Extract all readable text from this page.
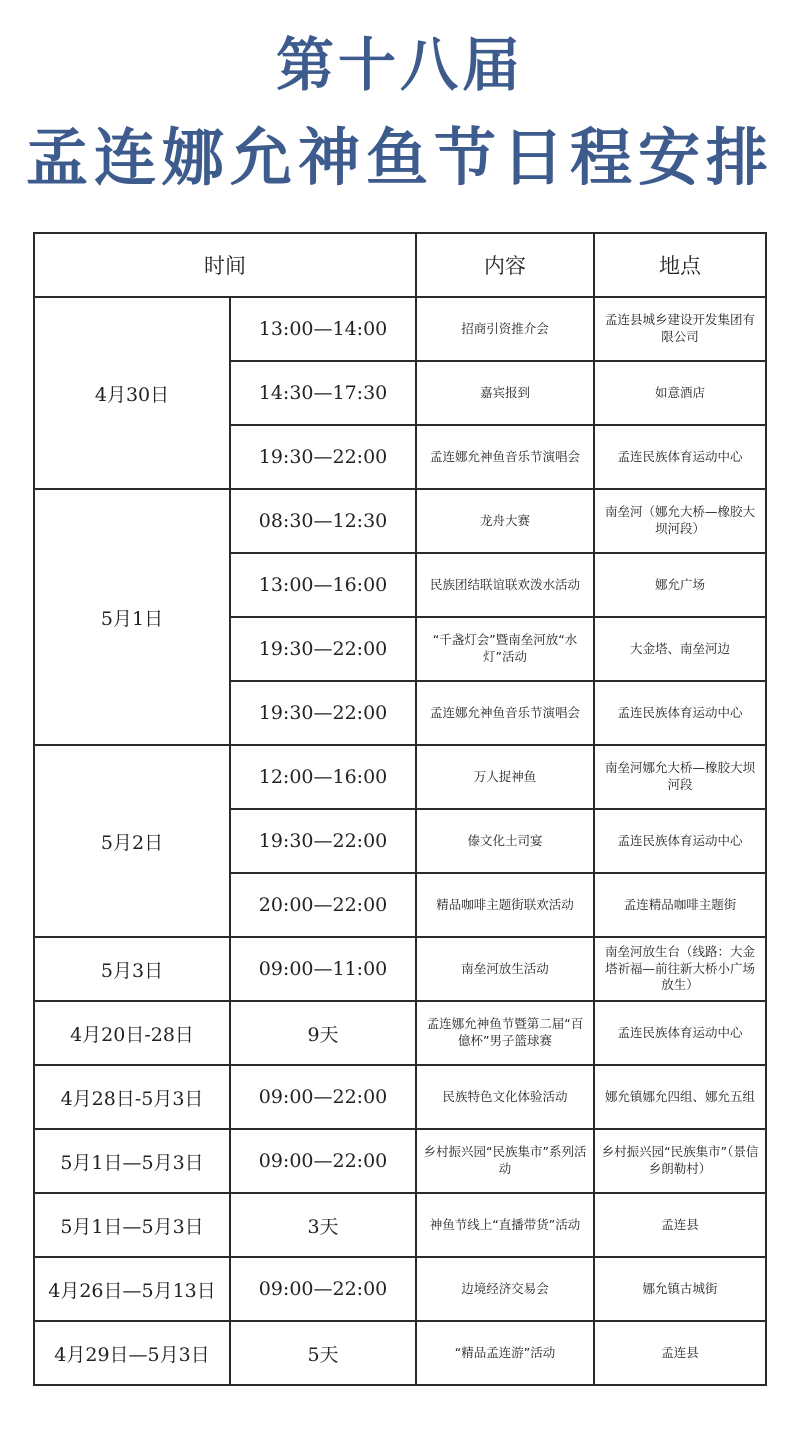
第十八届
孟连娜允神鱼节日程安排
时间		内容	地点
4月30日	13:00—14:00	招商引资推介会	孟连县城乡建设开发集团有限公司
	14:30—17:30	嘉宾报到	如意酒店
	19:30—22:00	孟连娜允神鱼音乐节演唱会	孟连民族体育运动中心
5月1日	08:30—12:30	龙舟大赛	南垒河（娜允大桥—橡胶大坝河段）
	13:00—16:00	民族团结联谊联欢泼水活动	娜允广场
	19:30—22:00	“千盏灯会”暨南垒河放“水灯”活动	大金塔、南垒河边
	19:30—22:00	孟连娜允神鱼音乐节演唱会	孟连民族体育运动中心
5月2日	12:00—16:00	万人捉神鱼	南垒河娜允大桥—橡胶大坝河段
	19:30—22:00	傣文化土司宴	孟连民族体育运动中心
	20:00—22:00	精品咖啡主题街联欢活动	孟连精品咖啡主题街
5月3日	09:00—11:00	南垒河放生活动	南垒河放生台（线路：大金塔祈福—前往新大桥小广场放生）
4月20日-28日	9天	孟连娜允神鱼节暨第二届“百億杯”男子篮球赛	孟连民族体育运动中心
4月28日-5月3日	09:00—22:00	民族特色文化体验活动	娜允镇娜允四组、娜允五组
5月1日—5月3日	09:00—22:00	乡村振兴园“民族集市”系列活动	乡村振兴园“民族集市”（景信乡朗勒村）
5月1日—5月3日	3天	神鱼节线上“直播带货”活动	孟连县
4月26日—5月13日	09:00—22:00	边境经济交易会	娜允镇古城街
4月29日—5月3日	5天	“精品孟连游”活动	孟连县
